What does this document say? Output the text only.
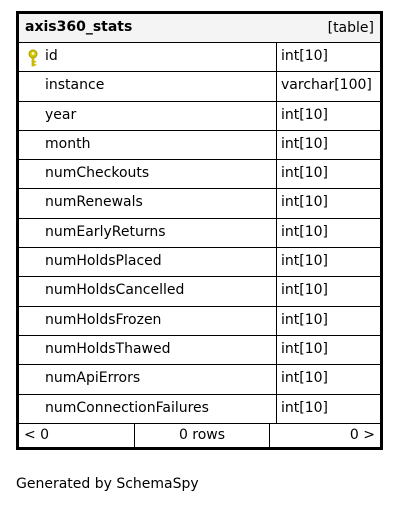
axis360_stats	[table]
id	int[10]
instance	varchar[100]
year	int[10]
month	int[10]
numCheckouts	int[10]
numRenewals	int[10]
numEarlyReturns	int[10]
numHoldsPlaced	int[10]
numHoldsCancelled	int[10]
numHoldsFrozen	int[10]
numHoldsThawed	int[10]
numApiErrors	int[10]
numConnectionFailures	int[10]
< 0	0 rows	0 >
Generated by SchemaSpy
